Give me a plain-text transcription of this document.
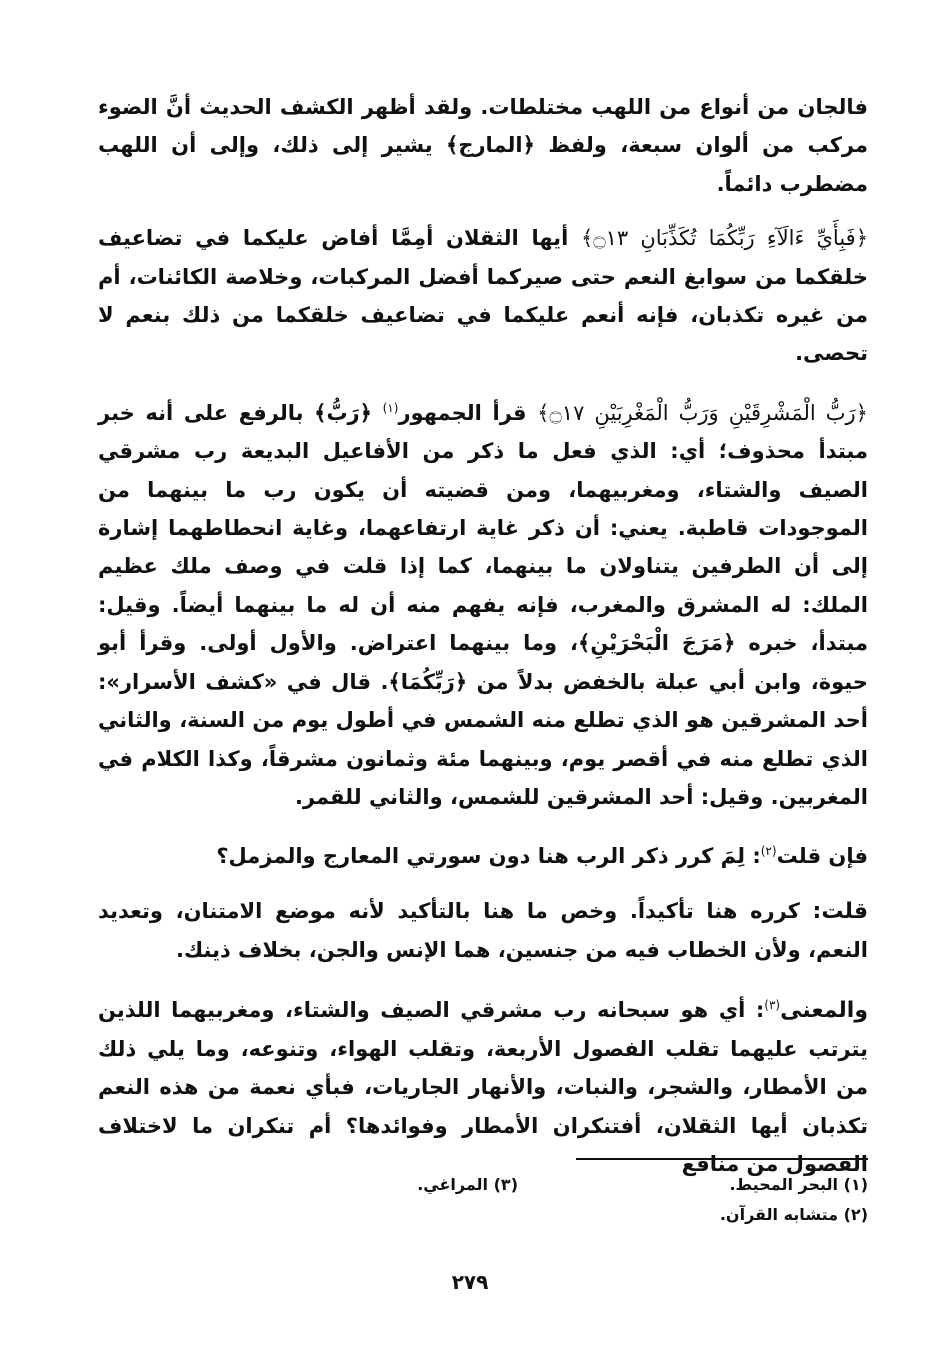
فالجان من أنواع من اللهب مختلطات. ولقد أظهر الكشف الحديث أنَّ الضوء مركب من ألوان سبعة، ولفظ ﴿المارج﴾ يشير إلى ذلك، وإلى أن اللهب مضطرب دائماً.

﴿فَبِأَيِّ ءَالَآءِ رَبِّكُمَا تُكَذِّبَانِ ۝١٣﴾ أيها الثقلان أمِمَّا أفاض عليكما في تضاعيف خلقكما من سوابغ النعم حتى صيركما أفضل المركبات، وخلاصة الكائنات، أم من غيره تكذبان، فإنه أنعم عليكما في تضاعيف خلقكما من ذلك بنعم لا تحصى.

﴿رَبُّ الْمَشْرِقَيْنِ وَرَبُّ الْمَغْرِبَيْنِ ۝١٧﴾ قرأ الجمهور$^{(١)}$ ﴿رَبُّ﴾ بالرفع على أنه خبر مبتدأ محذوف؛ أي: الذي فعل ما ذكر من الأفاعيل البديعة رب مشرقي الصيف والشتاء، ومغربيهما، ومن قضيته أن يكون رب ما بينهما من الموجودات قاطبة. يعني: أن ذكر غاية ارتفاعهما، وغاية انحطاطهما إشارة إلى أن الطرفين يتناولان ما بينهما، كما إذا قلت في وصف ملك عظيم الملك: له المشرق والمغرب، فإنه يفهم منه أن له ما بينهما أيضاً. وقيل: مبتدأ، خبره ﴿مَرَجَ الْبَحْرَيْنِ﴾، وما بينهما اعتراض. والأول أولى. وقرأ أبو حيوة، وابن أبي عبلة بالخفض بدلاً من ﴿رَبِّكُمَا﴾. قال في «كشف الأسرار»: أحد المشرقين هو الذي تطلع منه الشمس في أطول يوم من السنة، والثاني الذي تطلع منه في أقصر يوم، وبينهما مئة وثمانون مشرقاً، وكذا الكلام في المغربين. وقيل: أحد المشرقين للشمس، والثاني للقمر.

فإن قلت$^{(٢)}$: لِمَ كرر ذكر الرب هنا دون سورتي المعارج والمزمل؟

قلت: كرره هنا تأكيداً. وخص ما هنا بالتأكيد لأنه موضع الامتنان، وتعديد النعم، ولأن الخطاب فيه من جنسين، هما الإنس والجن، بخلاف ذينك.

والمعنى$^{(٣)}$: أي هو سبحانه رب مشرقي الصيف والشتاء، ومغربيهما اللذين يترتب عليهما تقلب الفصول الأربعة، وتقلب الهواء، وتنوعه، وما يلي ذلك من الأمطار، والشجر، والنبات، والأنهار الجاريات، فبأي نعمة من هذه النعم تكذبان أيها الثقلان، أفتنكران الأمطار وفوائدها؟ أم تنكران ما لاختلاف الفصول من منافع

(١) البحر المحيط.
(٣) المراغي.
(٢) متشابه القرآن.
٢٧٩
